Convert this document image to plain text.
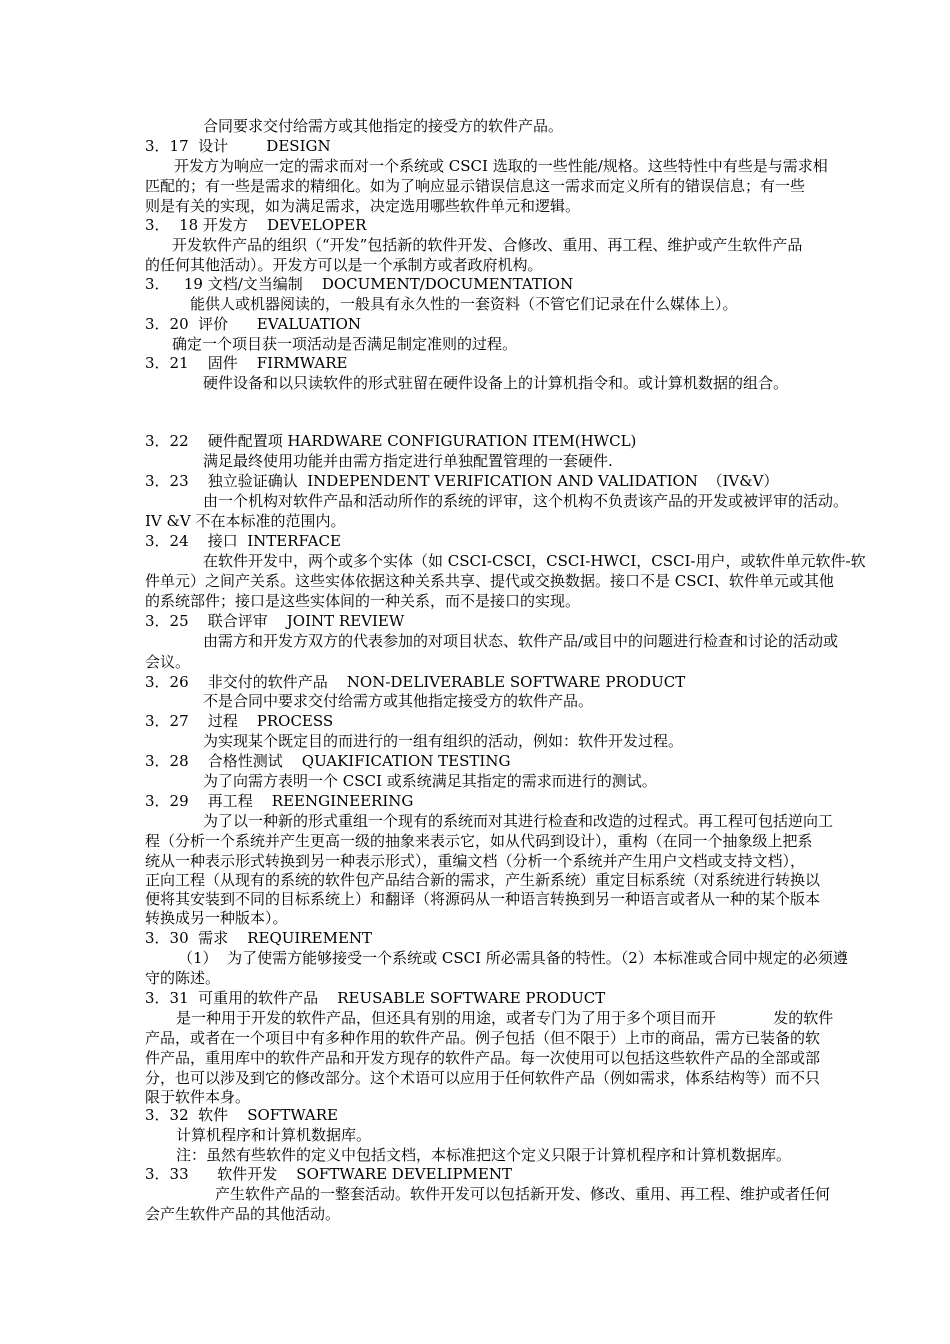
合同要求交付给需方或其他指定的接受方的软件产品。
3．17  设计        DESIGN
开发方为响应一定的需求而对一个系统或 CSCI 选取的一些性能/规格。这些特性中有些是与需求相
匹配的；有一些是需求的精细化。如为了响应显示错误信息这一需求而定义所有的错误信息；有一些
则是有关的实现，如为满足需求，决定选用哪些软件单元和逻辑。
3．  18 开发方    DEVELOPER
开发软件产品的组织（“开发”包括新的软件开发、合修改、重用、再工程、维护或产生软件产品
的任何其他活动）。开发方可以是一个承制方或者政府机构。
3．   19 文档/文当编制    DOCUMENT/DOCUMENTATION
能供人或机器阅读的，一般具有永久性的一套资料（不管它们记录在什么媒体上）。
3．20  评价      EVALUATION
确定一个项目获一项活动是否满足制定准则的过程。
3．21    固件    FIRMWARE
硬件设备和以只读软件的形式驻留在硬件设备上的计算机指令和。或计算机数据的组合。
3．22    硬件配置项 HARDWARE CONFIGURATION ITEM(HWCL)
满足最终使用功能并由需方指定进行单独配置管理的一套硬件.
3．23    独立验证确认  INDEPENDENT VERIFICATION AND VALIDATION  （IV&V）
由一个机构对软件产品和活动所作的系统的评审，这个机构不负责该产品的开发或被评审的活动。
IV &V 不在本标准的范围内。
3．24    接口  INTERFACE
在软件开发中，两个或多个实体（如 CSCI-CSCI，CSCI-HWCI，CSCI-用户，或软件单元软件-软
件单元）之间产关系。这些实体依据这种关系共享、提代或交换数据。接口不是 CSCI、软件单元或其他
的系统部件；接口是这些实体间的一种关系，而不是接口的实现。
3．25    联合评审    JOINT REVIEW
由需方和开发方双方的代表参加的对项目状态、软件产品/或目中的问题进行检查和讨论的活动或
会议。
3．26    非交付的软件产品    NON-DELIVERABLE SOFTWARE PRODUCT
不是合同中要求交付给需方或其他指定接受方的软件产品。
3．27    过程    PROCESS
为实现某个既定目的而进行的一组有组织的活动，例如：软件开发过程。
3．28    合格性测试    QUAKIFICATION TESTING
为了向需方表明一个 CSCI 或系统满足其指定的需求而进行的测试。
3．29    再工程    REENGINEERING
为了以一种新的形式重组一个现有的系统而对其进行检查和改造的过程式。再工程可包括逆向工
程（分析一个系统并产生更高一级的抽象来表示它，如从代码到设计），重构（在同一个抽象级上把系
统从一种表示形式转换到另一种表示形式），重编文档（分析一个系统并产生用户文档或支持文档），
正向工程（从现有的系统的软件包产品结合新的需求，产生新系统）重定目标系统（对系统进行转换以
便将其安装到不同的目标系统上）和翻译（将源码从一种语言转换到另一种语言或者从一种的某个版本
转换成另一种版本）。
3．30  需求    REQUIREMENT
（1）  为了使需方能够接受一个系统或 CSCI 所必需具备的特性。（2）本标准或合同中规定的必须遵
守的陈述。
3．31  可重用的软件产品    REUSABLE SOFTWARE PRODUCT
是一种用于开发的软件产品，但还具有别的用途，或者专门为了用于多个项目而开            发的软件
产品，或者在一个项目中有多种作用的软件产品。例子包括（但不限于）上市的商品，需方已装备的软
件产品，重用库中的软件产品和开发方现存的软件产品。每一次使用可以包括这些软件产品的全部或部
分，也可以涉及到它的修改部分。这个术语可以应用于任何软件产品（例如需求，体系结构等）而不只
限于软件本身。
3．32  软件    SOFTWARE
计算机程序和计算机数据库。
注：虽然有些软件的定义中包括文档，本标准把这个定义只限于计算机程序和计算机数据库。
3．33      软件开发    SOFTWARE DEVELIPMENT
产生软件产品的一整套活动。软件开发可以包括新开发、修改、重用、再工程、维护或者任何
会产生软件产品的其他活动。
